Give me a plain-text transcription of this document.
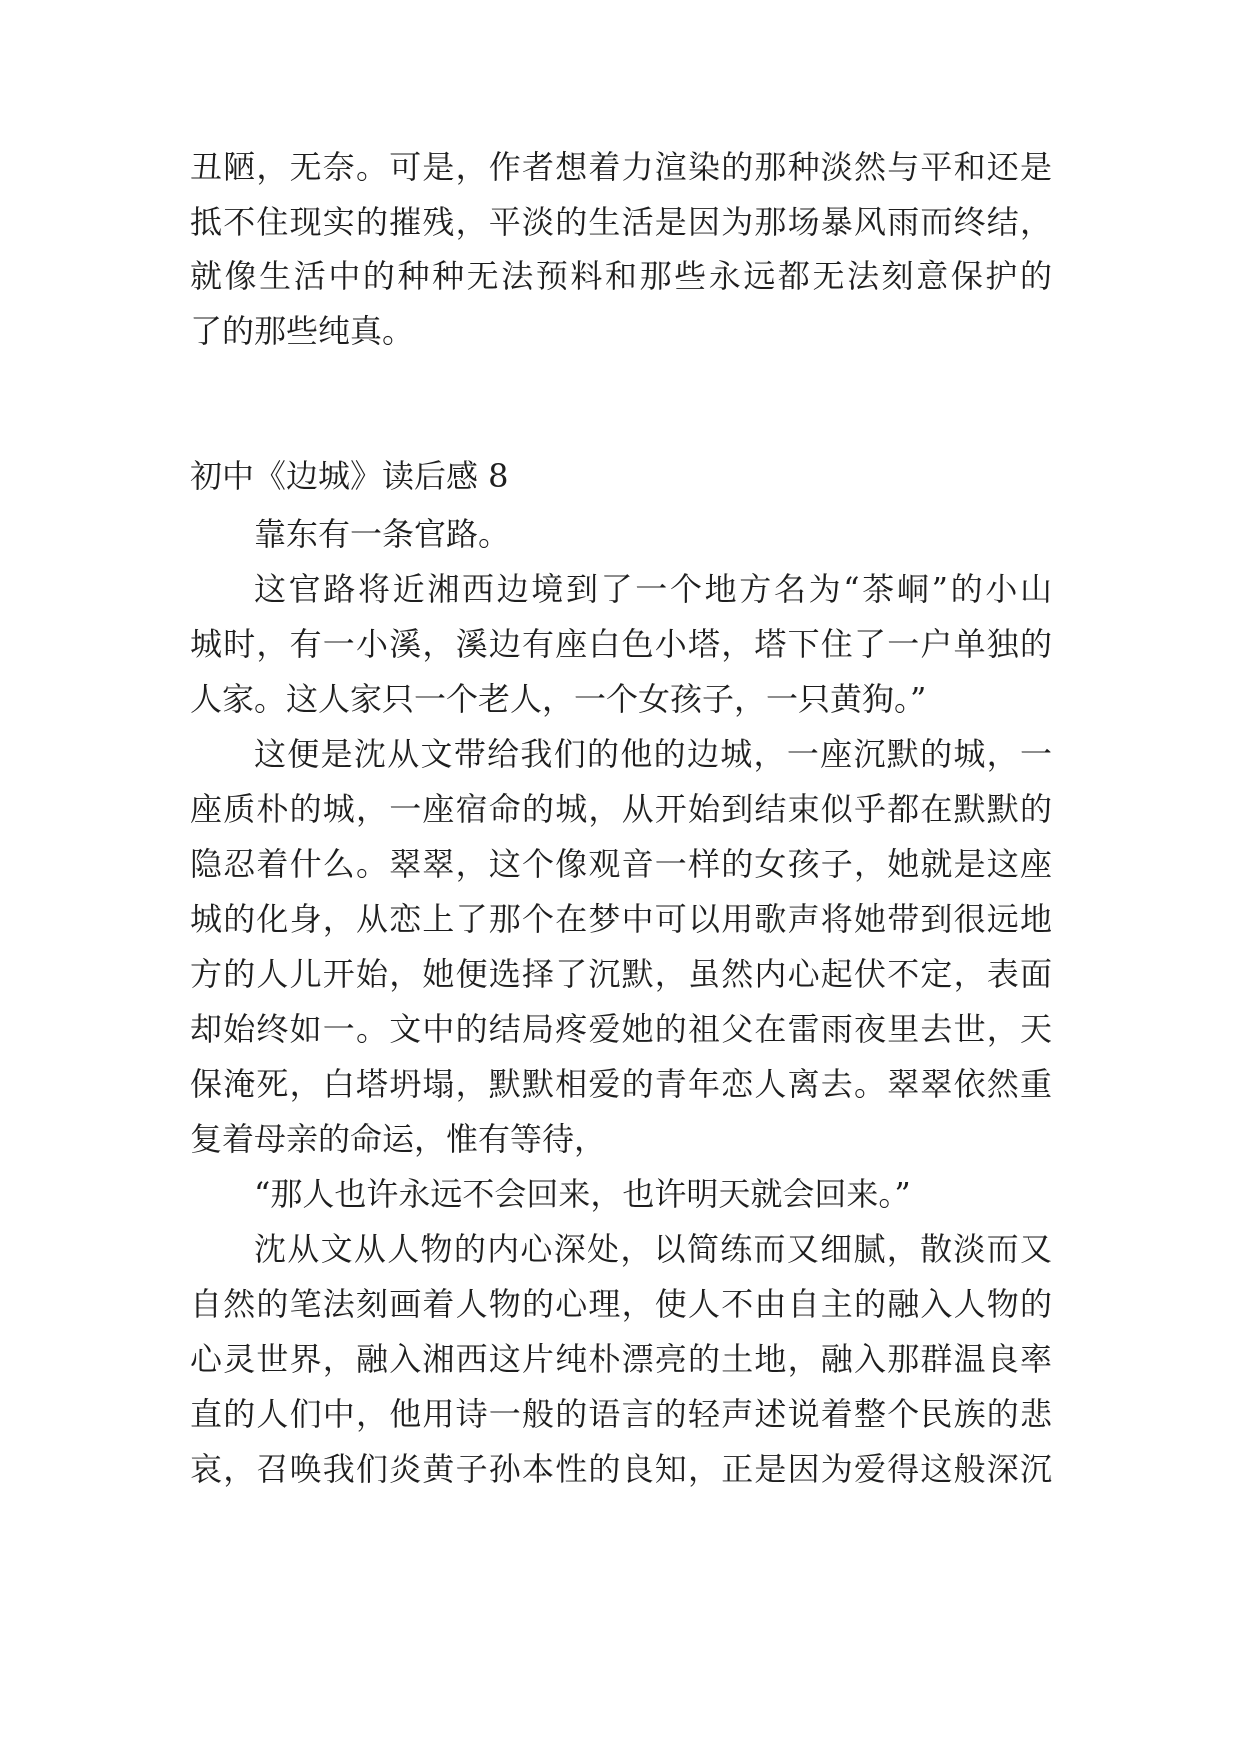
丑陋，无奈。可是，作者想着力渲染的那种淡然与平和还是
抵不住现实的摧残，平淡的生活是因为那场暴风雨而终结，
就像生活中的种种无法预料和那些永远都无法刻意保护的
了的那些纯真。
初中《边城》读后感 8
靠东有一条官路。
这官路将近湘西边境到了一个地方名为“茶峒”的小山
城时，有一小溪，溪边有座白色小塔，塔下住了一户单独的
人家。这人家只一个老人，一个女孩子，一只黄狗。”
这便是沈从文带给我们的他的边城，一座沉默的城，一
座质朴的城，一座宿命的城，从开始到结束似乎都在默默的
隐忍着什么。翠翠，这个像观音一样的女孩子，她就是这座
城的化身，从恋上了那个在梦中可以用歌声将她带到很远地
方的人儿开始，她便选择了沉默，虽然内心起伏不定，表面
却始终如一。文中的结局疼爱她的祖父在雷雨夜里去世，天
保淹死，白塔坍塌，默默相爱的青年恋人离去。翠翠依然重
复着母亲的命运，惟有等待，
“那人也许永远不会回来，也许明天就会回来。”
沈从文从人物的内心深处，以简练而又细腻，散淡而又
自然的笔法刻画着人物的心理，使人不由自主的融入人物的
心灵世界，融入湘西这片纯朴漂亮的土地，融入那群温良率
直的人们中，他用诗一般的语言的轻声述说着整个民族的悲
哀，召唤我们炎黄子孙本性的良知，正是因为爱得这般深沉
